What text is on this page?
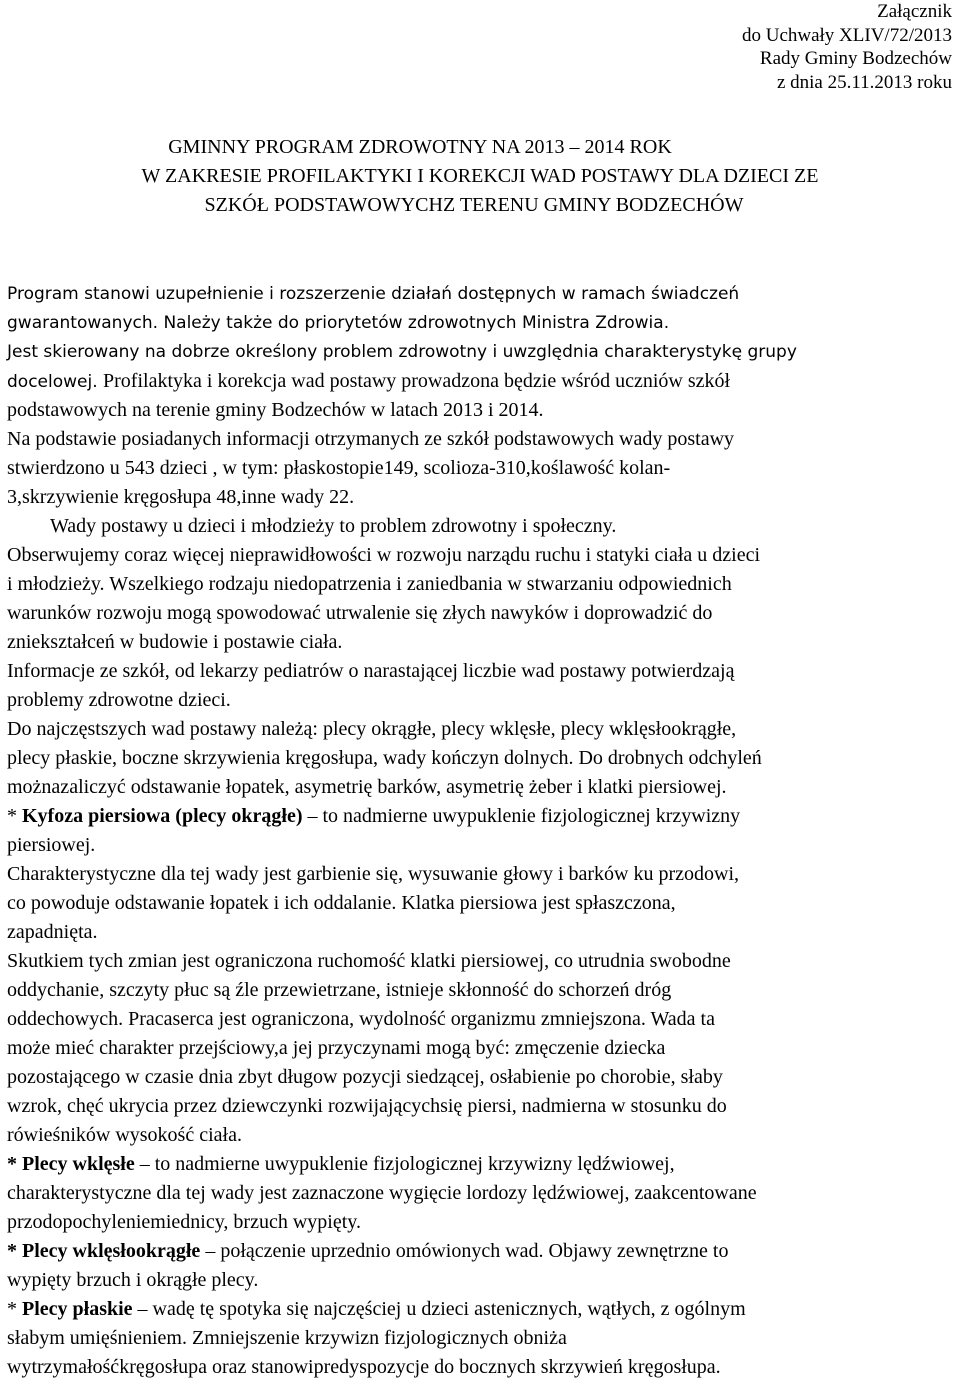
Załącznik
do Uchwały XLIV/72/2013
Rady Gminy Bodzechów
z dnia 25.11.2013 roku
GMINNY PROGRAM ZDROWOTNY NA 2013 – 2014 ROK
W ZAKRESIE PROFILAKTYKI I KOREKCJI WAD POSTAWY DLA DZIECI ZE
SZKÓŁ PODSTAWOWYCHZ TERENU GMINY BODZECHÓW
Program stanowi uzupełnienie i rozszerzenie działań dostępnych w ramach świadczeń
gwarantowanych. Należy także do priorytetów zdrowotnych Ministra Zdrowia.
Jest skierowany na dobrze określony problem zdrowotny i uwzględnia charakterystykę grupy
docelowej. Profilaktyka i korekcja wad postawy prowadzona będzie wśród uczniów szkół
podstawowych na terenie gminy Bodzechów w latach 2013 i 2014.
Na podstawie posiadanych informacji otrzymanych ze szkół podstawowych wady postawy
stwierdzono u 543 dzieci , w tym: płaskostopie149, scolioza-310,koślawość kolan-
3,skrzywienie kręgosłupa 48,inne wady 22.
Wady postawy u dzieci i młodzieży to problem zdrowotny i społeczny.
Obserwujemy coraz więcej nieprawidłowości w rozwoju narządu ruchu i statyki ciała u dzieci
i młodzieży. Wszelkiego rodzaju niedopatrzenia i zaniedbania w stwarzaniu odpowiednich
warunków rozwoju mogą spowodować utrwalenie się złych nawyków i doprowadzić do
zniekształceń w budowie i postawie ciała.
Informacje ze szkół, od lekarzy pediatrów o narastającej liczbie wad postawy potwierdzają
problemy zdrowotne dzieci.
Do najczęstszych wad postawy należą: plecy okrągłe, plecy wklęsłe, plecy wklęsłookrągłe,
plecy płaskie, boczne skrzywienia kręgosłupa, wady kończyn dolnych. Do drobnych odchyleń
możnazaliczyć odstawanie łopatek, asymetrię barków, asymetrię żeber i klatki piersiowej.
* Kyfoza piersiowa (plecy okrągłe) – to nadmierne uwypuklenie fizjologicznej krzywizny
piersiowej.
Charakterystyczne dla tej wady jest garbienie się, wysuwanie głowy i barków ku przodowi,
co powoduje odstawanie łopatek i ich oddalanie. Klatka piersiowa jest spłaszczona,
zapadnięta.
Skutkiem tych zmian jest ograniczona ruchomość klatki piersiowej, co utrudnia swobodne
oddychanie, szczyty płuc są źle przewietrzane, istnieje skłonność do schorzeń dróg
oddechowych. Pracaserca jest ograniczona, wydolność organizmu zmniejszona. Wada ta
może mieć charakter przejściowy,a jej przyczynami mogą być: zmęczenie dziecka
pozostającego w czasie dnia zbyt długow pozycji siedzącej, osłabienie po chorobie, słaby
wzrok, chęć ukrycia przez dziewczynki rozwijającychsię piersi, nadmierna w stosunku do
rówieśników wysokość ciała.
* Plecy wklęsłe – to nadmierne uwypuklenie fizjologicznej krzywizny lędźwiowej,
charakterystyczne dla tej wady jest zaznaczone wygięcie lordozy lędźwiowej, zaakcentowane
przodopochyleniemiednicy, brzuch wypięty.
* Plecy wklęsłookrągłe – połączenie uprzednio omówionych wad. Objawy zewnętrzne to
wypięty brzuch i okrągłe plecy.
* Plecy płaskie – wadę tę spotyka się najczęściej u dzieci astenicznych, wątłych, z ogólnym
słabym umięśnieniem. Zmniejszenie krzywizn fizjologicznych obniża
wytrzymałośćkręgosłupa oraz stanowipredyspozycje do bocznych skrzywień kręgosłupa.
